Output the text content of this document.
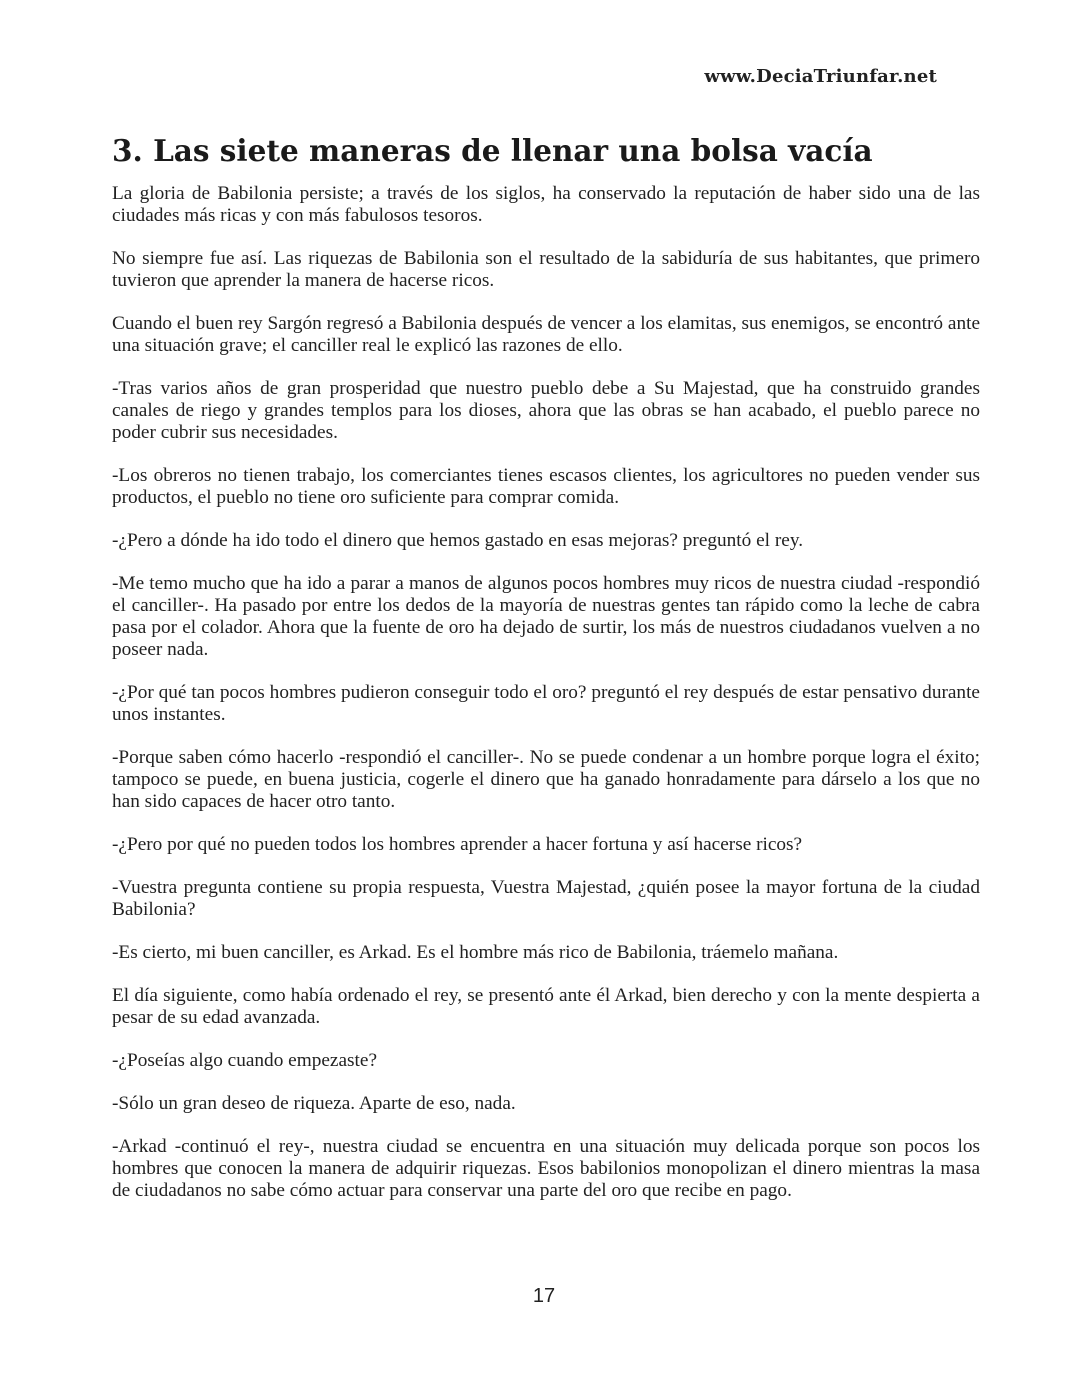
www.DeciaTriunfar.net
3. Las siete maneras de llenar una bolsa vacía

La gloria de Babilonia persiste; a través de los siglos, ha conservado la reputación de haber sido una de las ciudades más ricas y con más fabulosos tesoros.

No siempre fue así. Las riquezas de Babilonia son el resultado de la sabiduría de sus habitantes, que primero tuvieron que aprender la manera de hacerse ricos.

Cuando el buen rey Sargón regresó a Babilonia después de vencer a los elamitas, sus enemigos, se encontró ante una situación grave; el canciller real le explicó las razones de ello.

-Tras varios años de gran prosperidad que nuestro pueblo debe a Su Majestad, que ha construido grandes canales de riego y grandes templos para los dioses, ahora que las obras se han acabado, el pueblo parece no poder cubrir sus necesidades.

-Los obreros no tienen trabajo, los comerciantes tienes escasos clientes, los agricultores no pueden vender sus productos, el pueblo no tiene oro suficiente para comprar comida.

-¿Pero a dónde ha ido todo el dinero que hemos gastado en esas mejoras? preguntó el rey.

-Me temo mucho que ha ido a parar a manos de algunos pocos hombres muy ricos de nuestra ciudad -respondió el canciller-. Ha pasado por entre los dedos de la mayoría de nuestras gentes tan rápido como la leche de cabra pasa por el colador. Ahora que la fuente de oro ha dejado de surtir, los más de nuestros ciudadanos vuelven a no poseer nada.

-¿Por qué tan pocos hombres pudieron conseguir todo el oro? preguntó el rey después de estar pensativo durante unos instantes.

-Porque saben cómo hacerlo -respondió el canciller-. No se puede condenar a un hombre porque logra el éxito; tampoco se puede, en buena justicia, cogerle el dinero que ha ganado honradamente para dárselo a los que no han sido capaces de hacer otro tanto.

-¿Pero por qué no pueden todos los hombres aprender a hacer fortuna y así hacerse ricos?

-Vuestra pregunta contiene su propia respuesta, Vuestra Majestad, ¿quién posee la mayor fortuna de la ciudad Babilonia?

-Es cierto, mi buen canciller, es Arkad. Es el hombre más rico de Babilonia, tráemelo mañana.

El día siguiente, como había ordenado el rey, se presentó ante él Arkad, bien derecho y con la mente despierta a pesar de su edad avanzada.

-¿Poseías algo cuando empezaste?

-Sólo un gran deseo de riqueza. Aparte de eso, nada.

-Arkad -continuó el rey-, nuestra ciudad se encuentra en una situación muy delicada porque son pocos los hombres que conocen la manera de adquirir riquezas. Esos babilonios monopolizan el dinero mientras la masa de ciudadanos no sabe cómo actuar para conservar una parte del oro que recibe en pago.

17
